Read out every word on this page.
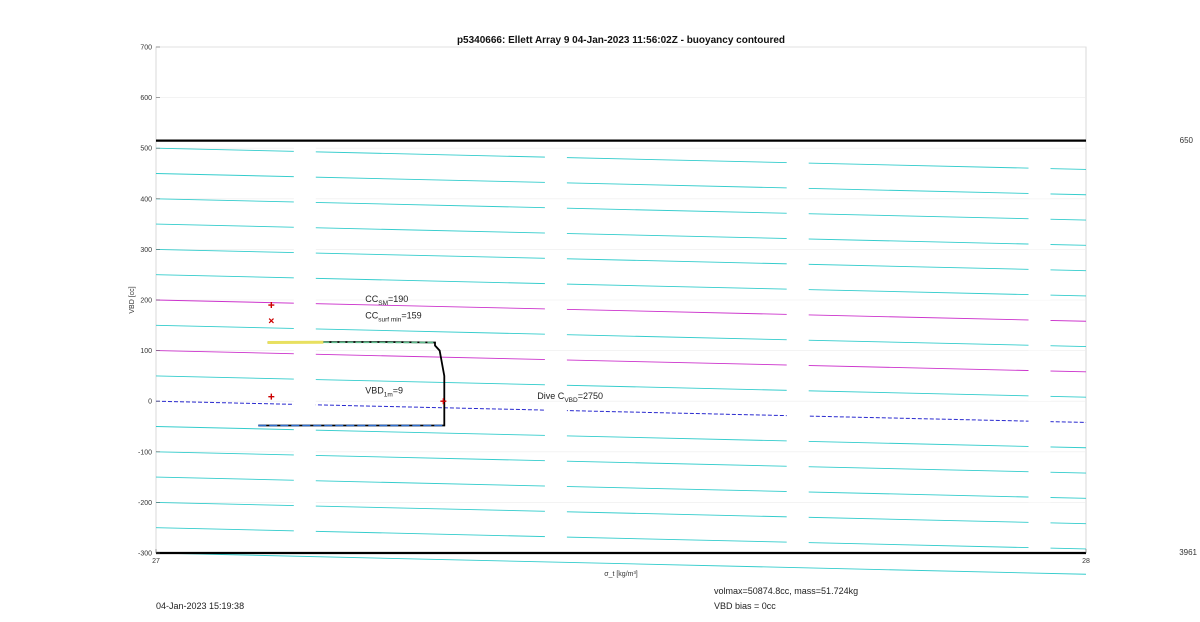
p5340666: Ellett Array 9 04-Jan-2023 11:56:02Z - buoyancy contoured
$CC_{SM}=190$
$CC_{surf min}=159$
$VBD_{1m}=9$
Dive $C_{VBD}=2750$
-300
-200
-100
0
100
200
300
400
500
600
700
27	28
VBD [cc]
σ_t [kg/m³]
650
3961
04-Jan-2023 15:19:38
volmax=50874.8cc, mass=51.724kg
VBD bias = 0cc
